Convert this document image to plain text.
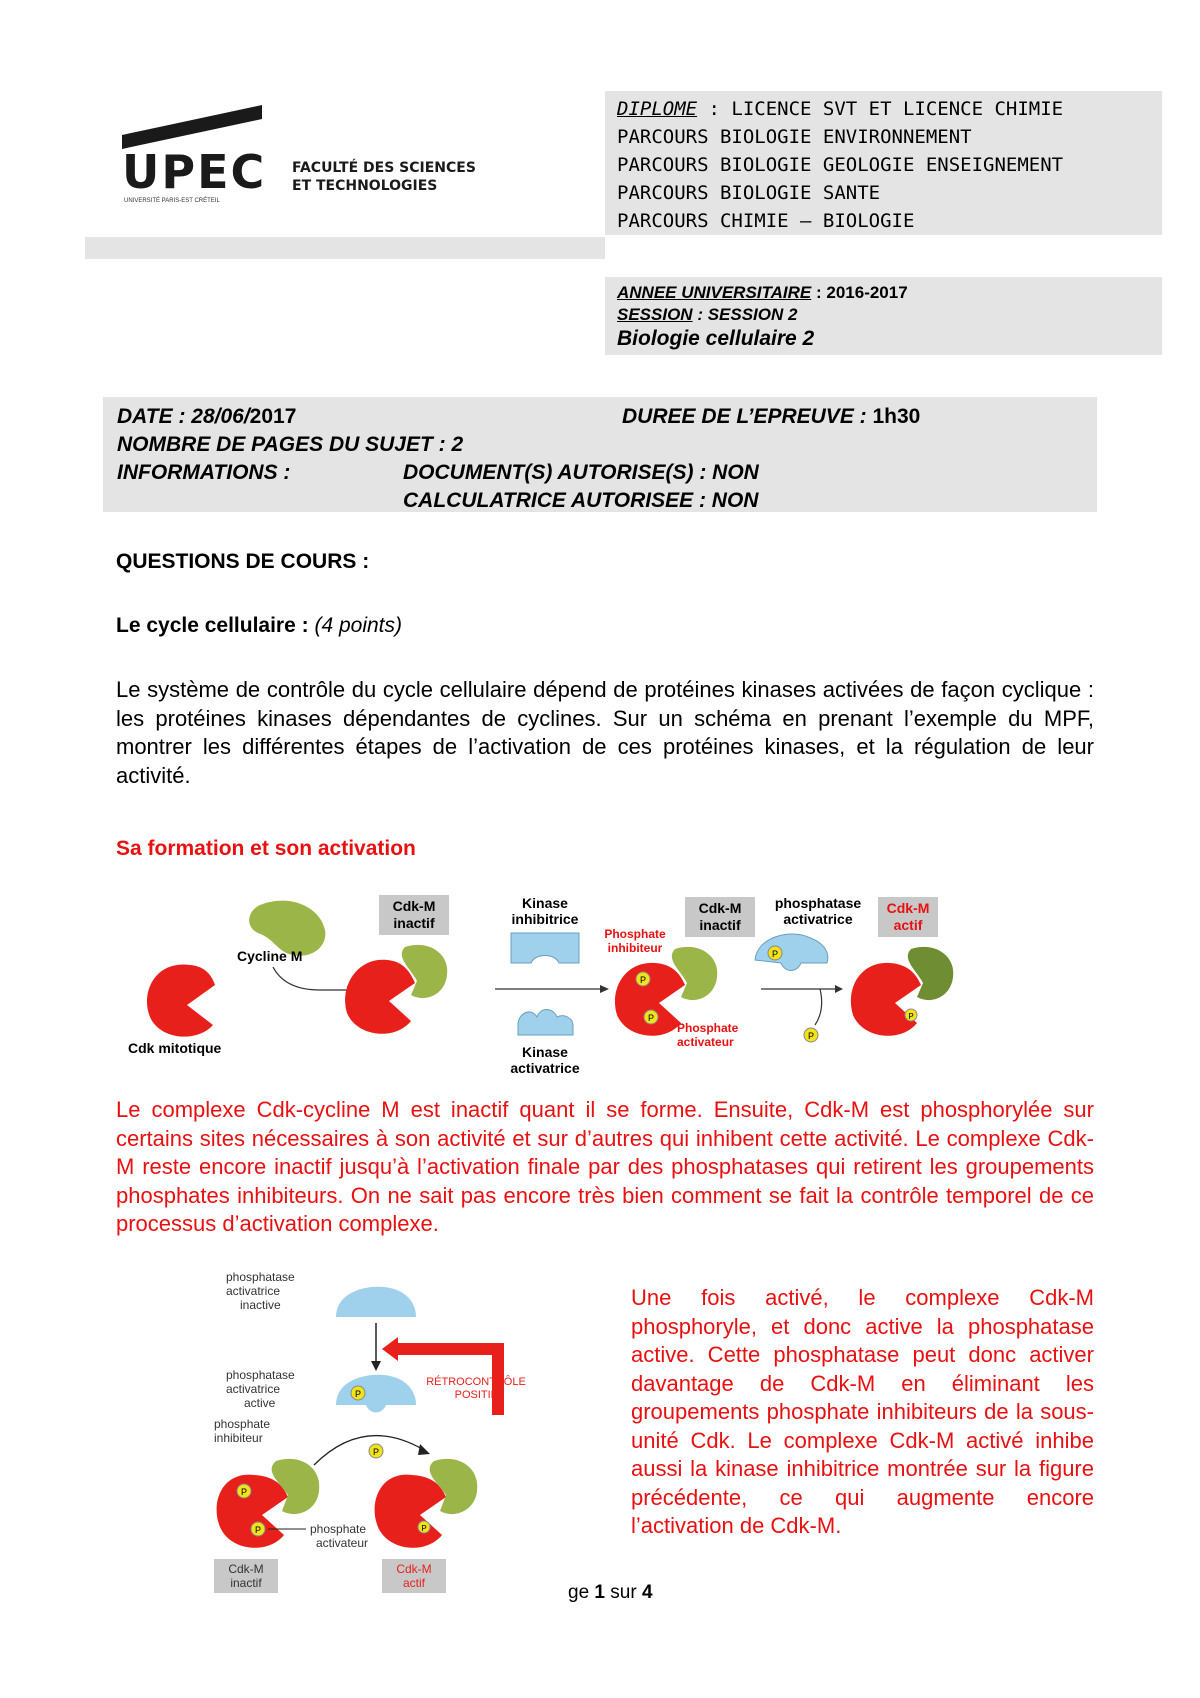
UPEC
UNIVERSITÉ PARIS-EST CRÉTEIL
FACULTÉ DES SCIENCES
ET TECHNOLOGIES
DIPLOME : LICENCE SVT ET LICENCE CHIMIE
PARCOURS BIOLOGIE ENVIRONNEMENT
PARCOURS BIOLOGIE GEOLOGIE ENSEIGNEMENT
PARCOURS BIOLOGIE SANTE
PARCOURS CHIMIE – BIOLOGIE
ANNEE UNIVERSITAIRE : 2016-2017
SESSION : SESSION 2
Biologie cellulaire 2
DATE : 28/06/2017	DUREE DE L’EPREUVE : 1h30
NOMBRE DE PAGES DU SUJET : 2
INFORMATIONS :	DOCUMENT(S) AUTORISE(S) : NON
CALCULATRICE AUTORISEE : NON
QUESTIONS DE COURS :
Le cycle cellulaire : (4 points)
Le système de contrôle du cycle cellulaire dépend de protéines kinases activées de façon cyclique : les protéines kinases dépendantes de cyclines. Sur un schéma en prenant l’exemple du MPF, montrer les différentes étapes de l’activation de ces protéines kinases, et la régulation de leur activité.
Sa formation et son activation
Cycline M
Cdk mitotique
Cdk-M
inactif
Kinase
inhibitrice
Kinase
activatrice
Cdk-M
inactif
Phosphate
inhibiteur
P
P
Phosphate
activateur
phosphatase
activatrice
P
P
Cdk-M
actif
P
Le complexe Cdk-cycline M est inactif quant il se forme. Ensuite, Cdk-M est phosphorylée sur certains sites nécessaires à son activité et sur d’autres qui inhibent cette activité. Le complexe Cdk-M reste encore inactif jusqu’à l’activation finale par des phosphatases qui retirent les groupements phosphates inhibiteurs. On ne sait pas encore très bien comment se fait la contrôle temporel de ce processus d’activation complexe.
phosphatase
activatrice
inactive
RÉTROCONTRÔLE
POSITIF
phosphatase
activatrice
active
P
P
phosphate
inhibiteur
P
P	phosphate
activateur
P
Cdk-M
inactif
Cdk-M
actif
Une fois activé, le complexe Cdk-M phosphoryle, et donc active la phosphatase active. Cette phosphatase peut donc activer davantage de Cdk-M en éliminant les groupements phosphate inhibiteurs de la sous-unité Cdk. Le complexe Cdk-M activé inhibe aussi la kinase inhibitrice montrée sur la figure précédente, ce qui augmente encore l’activation de Cdk-M.
ge 1 sur 4
